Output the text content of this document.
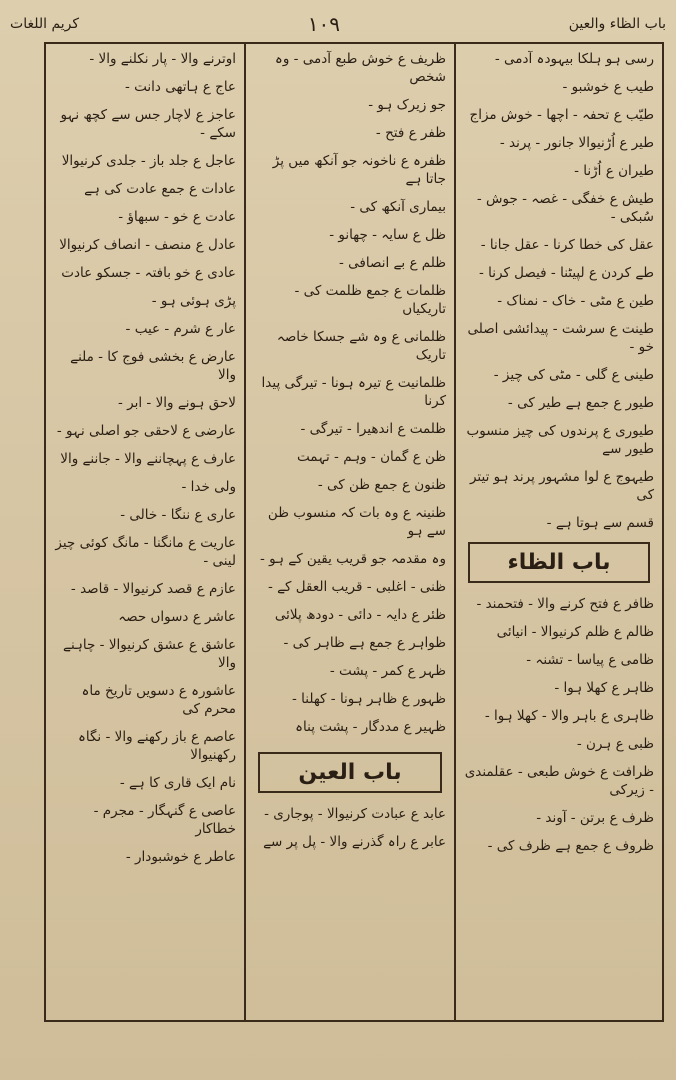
باب الظاء والعین
۱۰۹
کریم اللغات
رسی ہو ہلکا بیہودہ آدمی -
طیب ع خوشبو -
طیّب ع تحفہ - اچھا - خوش مزاج
طیر ع اُڑنیوالا جانور - پرند -
طیران ع اُڑنا -
طیش ع خفگی - غصہ - جوش - سُبکی -
عقل کی خطا کرنا - عقل جانا -
طے کردن ع لپیٹنا - فیصل کرنا -
طین ع مٹی - خاک - نمناک -
طینت ع سرشت - پیدائشی اصلی خو -
طینی ع گلی - مٹی کی چیز -
طیور ع جمع ہے طیر کی -
طیوری ع پرندوں کی چیز منسوب طیور سے
طیہوج ع لوا مشہور پرند ہو تیتر کی
قسم سے ہوتا ہے -
باب الظاء
ظافر ع فتح کرنے والا - فتحمند -
ظالم ع ظلم کرنیوالا - انیائی
ظامی ع پیاسا - تشنہ -
ظاہر ع کھلا ہوا -
ظاہری ع باہر والا - کھلا ہوا -
ظبی ع ہرن -
ظرافت ع خوش طبعی - عقلمندی - زیرکی
ظرف ع برتن - آوند -
ظروف ع جمع ہے ظرف کی -
ظریف ع خوش طبع آدمی - وہ شخص
جو زیرک ہو -
ظفر ع فتح -
ظفرہ ع ناخونہ جو آنکھ میں پڑ جاتا ہے
بیماری آنکھ کی -
ظل ع سایہ - چھانو -
ظلم ع بے انصافی -
ظلمات ع جمع ظلمت کی - تاریکیاں
ظلمانی ع وہ شے جسکا خاصہ تاریک
ظلمانیت ع تیرہ ہونا - تیرگی پیدا کرنا
ظلمت ع اندھیرا - تیرگی -
ظن ع گمان - وہم - تہمت
ظنون ع جمع ظن کی -
ظنینہ ع وہ بات کہ منسوب ظن سے ہو
وہ مقدمہ جو قریب یقین کے ہو -
ظنی - اغلبی - قریب العقل کے -
ظئر ع دایہ - دائی - دودھ پلائی
ظواہر ع جمع ہے ظاہر کی -
ظہر ع کمر - پشت -
ظہور ع ظاہر ہونا - کھلنا -
ظہیر ع مددگار - پشت پناہ
باب العین
عابد ع عبادت کرنیوالا - پوجاری -
عابر ع راہ گذرنے والا - پل پر سے
اوترنے والا - پار نکلنے والا -
عاج ع ہاتھی دانت -
عاجز ع لاچار جس سے کچھ نہو سکے -
عاجل ع جلد باز - جلدی کرنیوالا
عادات ع جمع عادت کی ہے
عادت ع خو - سبھاؤ -
عادل ع منصف - انصاف کرنیوالا
عادی ع خو بافتہ - جسکو عادت
پڑی ہوئی ہو -
عار ع شرم - عیب -
عارض ع بخشی فوج کا - ملنے والا
لاحق ہونے والا - ابر -
عارضی ع لاحقی جو اصلی نہو -
عارف ع پہچاننے والا - جاننے والا
ولی خدا -
عاری ع ننگا - خالی -
عاریت ع مانگنا - مانگ کوئی چیز لینی -
عازم ع قصد کرنیوالا - قاصد -
عاشر ع دسواں حصہ
عاشق ع عشق کرنیوالا - چاہنے والا
عاشورہ ع دسویں تاریخ ماہ محرم کی
عاصم ع باز رکھنے والا - نگاہ رکھنیوالا
نام ایک قاری کا ہے -
عاصی ع گنہگار - مجرم - خطاکار
عاطر ع خوشبودار -
